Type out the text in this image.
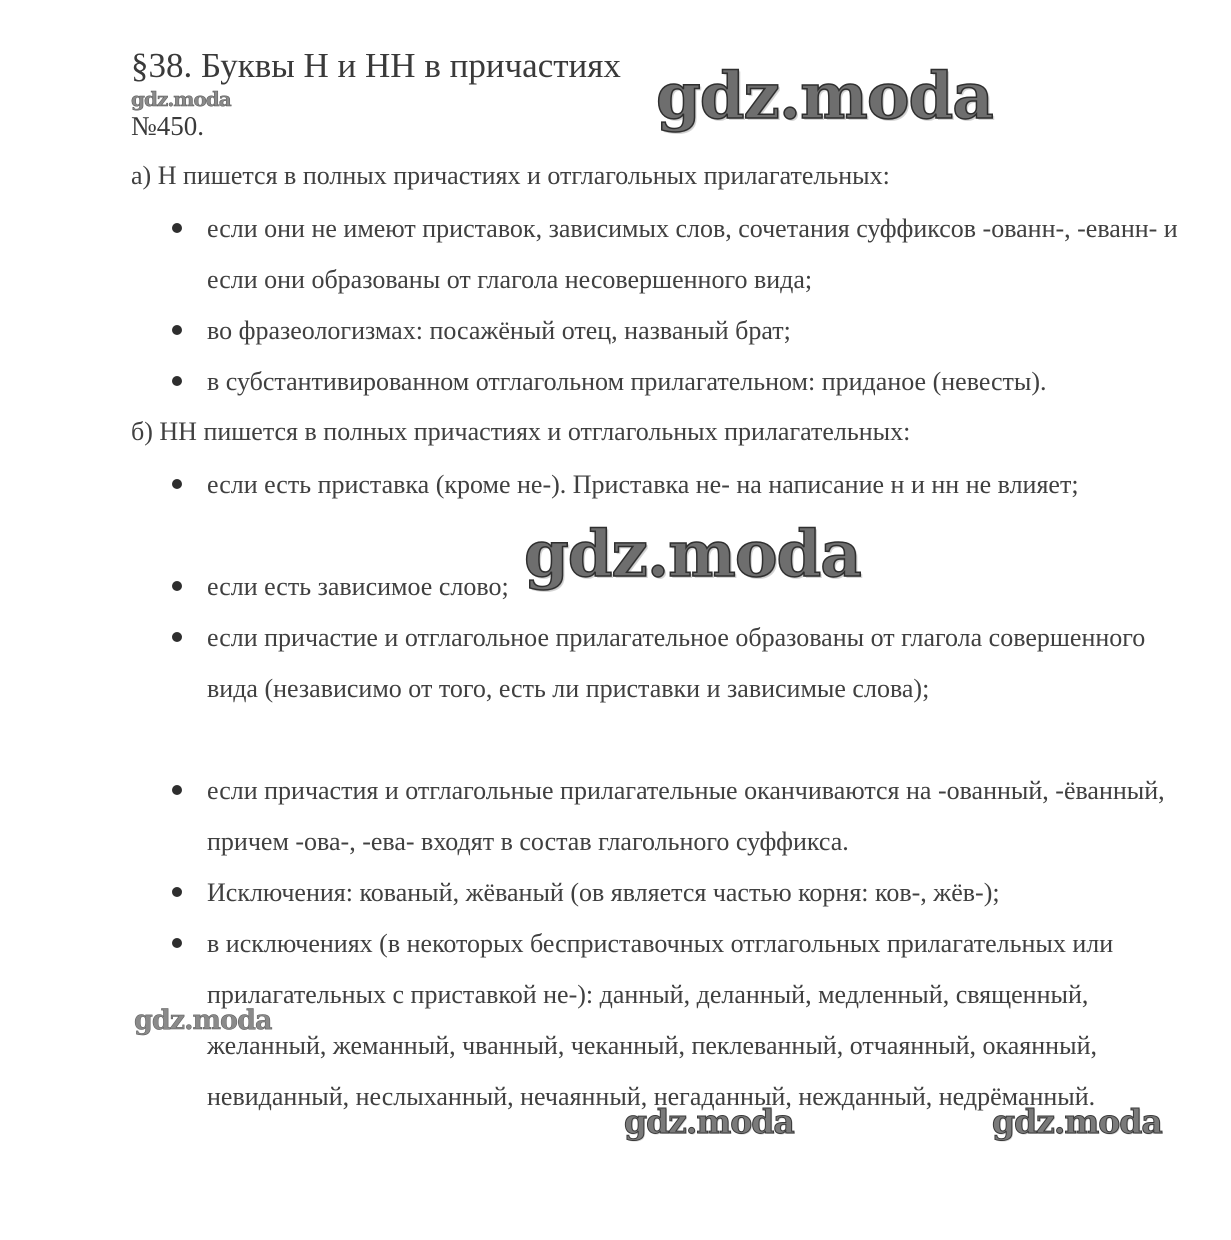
§38. Буквы Н и НН в причастиях
gdz.moda
№450.
а) Н пишется в полных причастиях и отглагольных прилагательных:
если они не имеют приставок, зависимых слов, сочетания суффиксов -ованн-, -еванн- и если они образованы от глагола несовершенного вида;
во фразеологизмах: посажёный отец, названый брат;
в субстантивированном отглагольном прилагательном: приданое (невесты).
б) НН пишется в полных причастиях и отглагольных прилагательных:
если есть приставка (кроме не-). Приставка не- на написание н и нн не влияет;
если есть зависимое слово;
если причастие и отглагольное прилагательное образованы от глагола совершенного вида (независимо от того, есть ли приставки и зависимые слова);
если причастия и отглагольные прилагательные оканчиваются на -ованный, -ёванный, причем -ова-, -ева- входят в состав глагольного суффикса.
Исключения: кованый, жёваный (ов является частью корня: ков-, жёв-);
в исключениях (в некоторых бесприставочных отглагольных прилагательных или прилагательных с приставкой не-): данный, деланный, медленный, священный, желанный, жеманный, чванный, чеканный, пеклеванный, отчаянный, окаянный, невиданный, неслыханный, нечаянный, негаданный, нежданный, недрёманный.
gdz.moda
gdz.moda
gdz.moda
gdz.moda	gdz.moda
